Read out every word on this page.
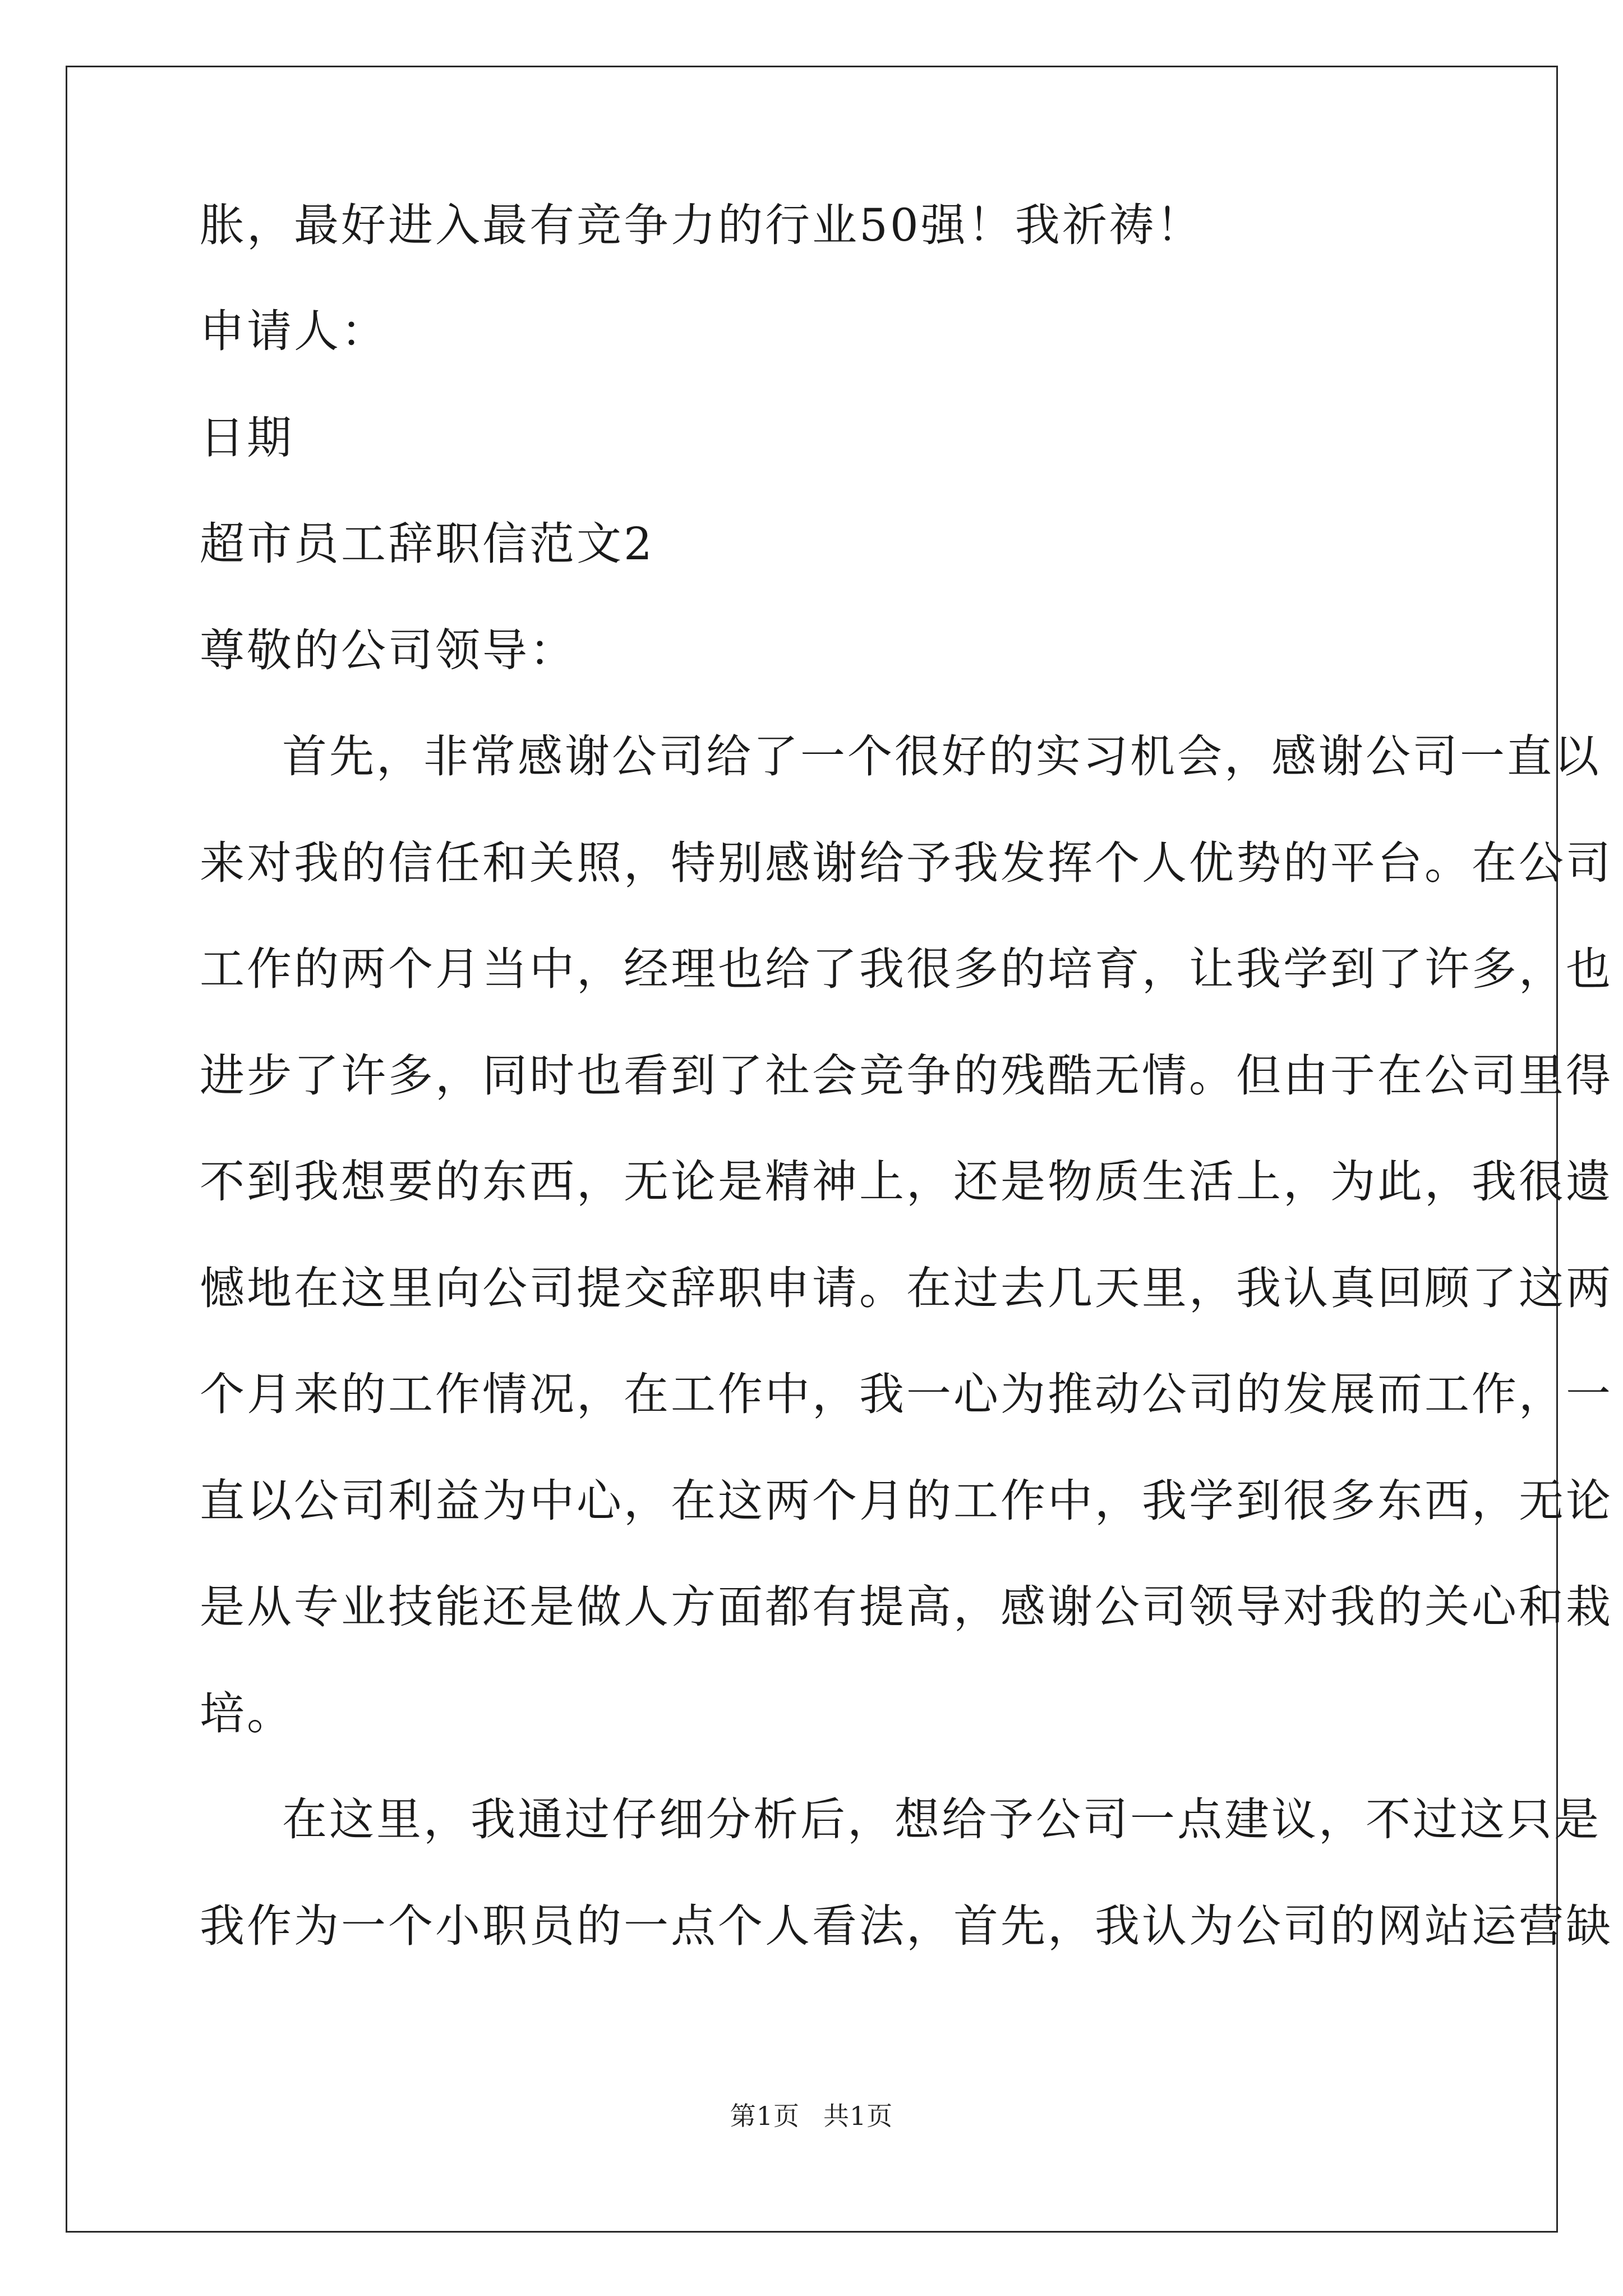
胀，最好进入最有竞争力的行业50强！我祈祷！
申请人：
日期
超市员工辞职信范文2
尊敬的公司领导：
首先，非常感谢公司给了一个很好的实习机会，感谢公司一直以
来对我的信任和关照，特别感谢给予我发挥个人优势的平台。在公司
工作的两个月当中，经理也给了我很多的培育，让我学到了许多，也
进步了许多，同时也看到了社会竞争的残酷无情。但由于在公司里得
不到我想要的东西，无论是精神上，还是物质生活上，为此，我很遗
憾地在这里向公司提交辞职申请。在过去几天里，我认真回顾了这两
个月来的工作情况，在工作中，我一心为推动公司的发展而工作，一
直以公司利益为中心，在这两个月的工作中，我学到很多东西，无论
是从专业技能还是做人方面都有提高，感谢公司领导对我的关心和栽
培。
在这里，我通过仔细分析后，想给予公司一点建议，不过这只是
我作为一个小职员的一点个人看法，首先，我认为公司的网站运营缺
第1页 共1页
